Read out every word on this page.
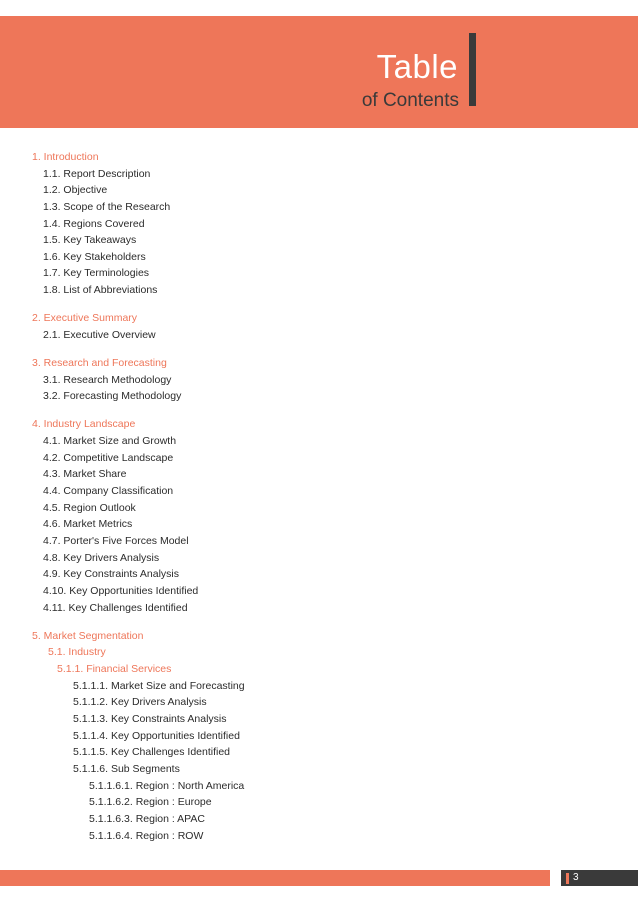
Table
of Contents
1. Introduction
1.1. Report Description
1.2. Objective
1.3. Scope of the Research
1.4. Regions Covered
1.5. Key Takeaways
1.6. Key Stakeholders
1.7. Key Terminologies
1.8. List of Abbreviations
2. Executive Summary
2.1. Executive Overview
3. Research and Forecasting
3.1. Research Methodology
3.2. Forecasting Methodology
4. Industry Landscape
4.1. Market Size and Growth
4.2. Competitive Landscape
4.3. Market Share
4.4. Company Classification
4.5. Region Outlook
4.6. Market Metrics
4.7. Porter's Five Forces Model
4.8. Key Drivers Analysis
4.9. Key Constraints Analysis
4.10. Key Opportunities Identified
4.11. Key Challenges Identified
5. Market Segmentation
5.1. Industry
5.1.1. Financial Services
5.1.1.1. Market Size and Forecasting
5.1.1.2. Key Drivers Analysis
5.1.1.3. Key Constraints Analysis
5.1.1.4. Key Opportunities Identified
5.1.1.5. Key Challenges Identified
5.1.1.6. Sub Segments
5.1.1.6.1. Region : North America
5.1.1.6.2. Region : Europe
5.1.1.6.3. Region : APAC
5.1.1.6.4. Region : ROW
3
